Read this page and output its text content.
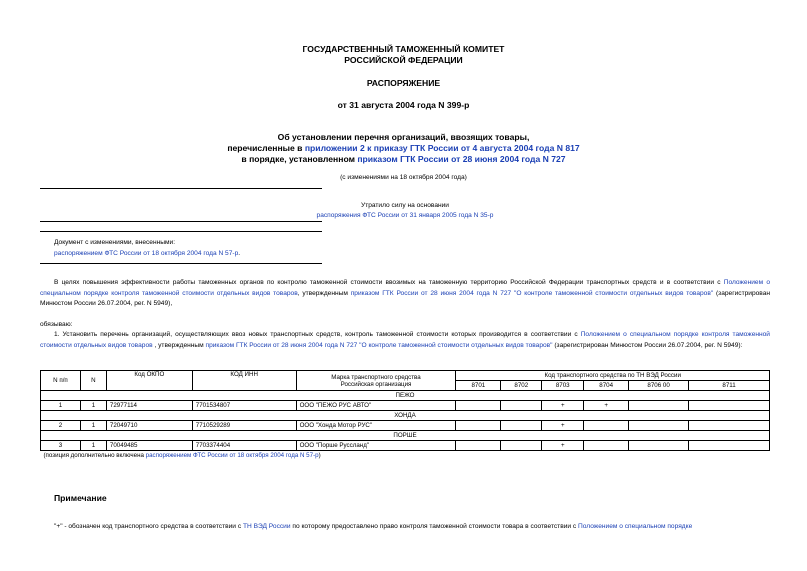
ГОСУДАРСТВЕННЫЙ ТАМОЖЕННЫЙ КОМИТЕТ
РОССИЙСКОЙ ФЕДЕРАЦИИ
РАСПОРЯЖЕНИЕ
от 31 августа 2004 года N 399-р
Об установлении перечня организаций, ввозящих товары,
перечисленные в приложении 2 к приказу ГТК России от 4 августа 2004 года N 817
в порядке, установленном приказом ГТК России от 28 июня 2004 года N 727
(с изменениями на 18 октября 2004 года)
Утратило силу на основании
распоряжения ФТС России от 31 января 2005 года N 35-р
Документ с изменениями, внесенными:
распоряжением ФТС России от 18 октября 2004 года N 57-р.
В целях повышения эффективности работы таможенных органов по контролю таможенной стоимости ввозимых на таможенную территорию Российской Федерации транспортных средств и в соответствии с Положением о специальном порядке контроля таможенной стоимости отдельных видов товаров, утвержденным приказом ГТК России от 28 июня 2004 года N 727 "О контроле таможенной стоимости отдельных видов товаров" (зарегистрирован Минюстом России 26.07.2004, рег. N 5949),
обязываю:
1. Установить перечень организаций, осуществляющих ввоз новых транспортных средств, контроль таможенной стоимости которых производится в соответствии с Положением о специальном порядке контроля таможенной стоимости отдельных видов товаров , утвержденным приказом ГТК России от 28 июня 2004 года N 727 "О контроле таможенной стоимости отдельных видов товаров" (зарегистрирован Минюстом России 26.07.2004, рег. N 5949):
N п/п	N	Код ОКПО	КОД ИНН	Марка транспортного средства
Российская организация	Код транспортного средства по ТН ВЭД России					
					8701	8702	8703	8704	8706 00	8711
ПЕЖО										
1	1	72977114	7701534807	ООО "ПЕЖО РУС АВТО"			+	+		
ХОНДА										
2	1	72049710	7710529289	ООО "Хонда Мотор РУС"			+			
ПОРШЕ										
3	1	70049485	7703374404	ООО "Порше Руссланд"			+			
(позиция дополнительно включена распоряжением ФТС России от 18 октября 2004 года N 57-р)										
Примечание
"+" - обозначен код транспортного средства в соответствии с ТН ВЭД России по которому предоставлено право контроля таможенной стоимости товара в соответствии с Положением о специальном порядке
